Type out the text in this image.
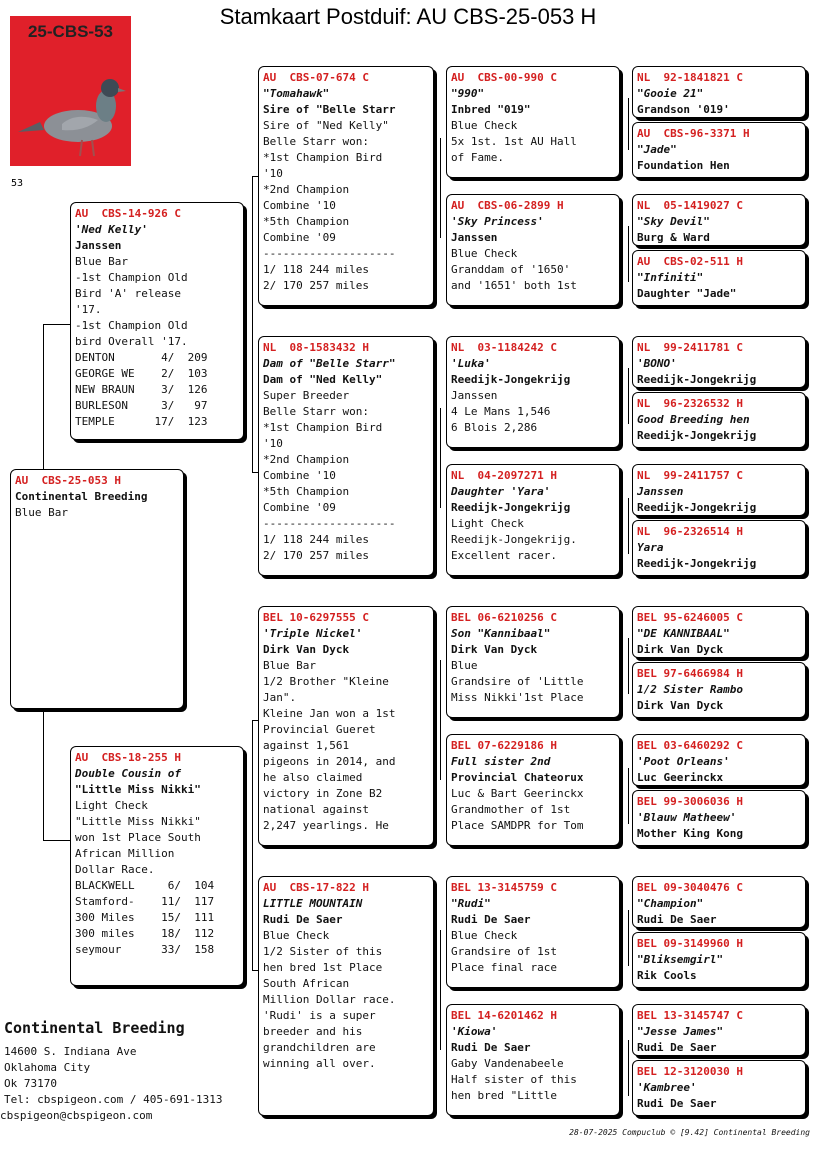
Stamkaart Postduif: AU CBS-25-053 H
25-CBS-53
53
AU  CBS-25-053 H
Continental Breeding
Blue Bar
AU  CBS-14-926 C
'Ned Kelly'
Janssen
Blue Bar
-1st Champion Old
Bird 'A' release
'17.
-1st Champion Old
bird Overall '17.
DENTON       4/  209
GEORGE WE    2/  103
NEW BRAUN    3/  126
BURLESON     3/   97
TEMPLE      17/  123
AU  CBS-18-255 H
Double Cousin of
"Little Miss Nikki"
Light Check
"Little Miss Nikki"
won 1st Place South
African Million
Dollar Race.
BLACKWELL     6/  104
Stamford-    11/  117
300 Miles    15/  111
300 miles    18/  112
seymour      33/  158
AU  CBS-07-674 C
"Tomahawk"
Sire of "Belle Starr
Sire of "Ned Kelly"
Belle Starr won:
*1st Champion Bird
'10
*2nd Champion
Combine '10
*5th Champion
Combine '09
--------------------
1/ 118 244 miles
2/ 170 257 miles
NL  08-1583432 H
Dam of "Belle Starr"
Dam of "Ned Kelly"
Super Breeder
Belle Starr won:
*1st Champion Bird
'10
*2nd Champion
Combine '10
*5th Champion
Combine '09
--------------------
1/ 118 244 miles
2/ 170 257 miles
BEL 10-6297555 C
'Triple Nickel'
Dirk Van Dyck
Blue Bar
1/2 Brother "Kleine
Jan".
Kleine Jan won a 1st
Provincial Gueret
against 1,561
pigeons in 2014, and
he also claimed
victory in Zone B2
national against
2,247 yearlings. He
AU  CBS-17-822 H
LITTLE MOUNTAIN
Rudi De Saer
Blue Check
1/2 Sister of this
hen bred 1st Place
South African
Million Dollar race.
'Rudi' is a super
breeder and his
grandchildren are
winning all over.
AU  CBS-00-990 C
"990"
Inbred "019"
Blue Check
5x 1st. 1st AU Hall
of Fame.
AU  CBS-06-2899 H
'Sky Princess'
Janssen
Blue Check
Granddam of '1650'
and '1651' both 1st
NL  03-1184242 C
'Luka'
Reedijk-Jongekrijg
Janssen
4 Le Mans 1,546
6 Blois 2,286
NL  04-2097271 H
Daughter 'Yara'
Reedijk-Jongekrijg
Light Check
Reedijk-Jongekrijg.
Excellent racer.
BEL 06-6210256 C
Son "Kannibaal"
Dirk Van Dyck
Blue
Grandsire of 'Little
Miss Nikki'1st Place
BEL 07-6229186 H
Full sister 2nd
Provincial Chateorux
Luc & Bart Geerinckx
Grandmother of 1st
Place SAMDPR for Tom
BEL 13-3145759 C
"Rudi"
Rudi De Saer
Blue Check
Grandsire of 1st
Place final race
BEL 14-6201462 H
'Kiowa'
Rudi De Saer
Gaby Vandenabeele
Half sister of this
hen bred "Little
NL  92-1841821 C
"Gooie 21"
Grandson '019'
AU  CBS-96-3371 H
"Jade"
Foundation Hen
NL  05-1419027 C
"Sky Devil"
Burg & Ward
AU  CBS-02-511 H
"Infiniti"
Daughter "Jade"
NL  99-2411781 C
'BONO'
Reedijk-Jongekrijg
NL  96-2326532 H
Good Breeding hen
Reedijk-Jongekrijg
NL  99-2411757 C
Janssen
Reedijk-Jongekrijg
NL  96-2326514 H
Yara
Reedijk-Jongekrijg
BEL 95-6246005 C
"DE KANNIBAAL"
Dirk Van Dyck
BEL 97-6466984 H
1/2 Sister Rambo
Dirk Van Dyck
BEL 03-6460292 C
'Poot Orleans'
Luc Geerinckx
BEL 99-3006036 H
'Blauw Matheew'
Mother King Kong
BEL 09-3040476 C
"Champion"
Rudi De Saer
BEL 09-3149960 H
"Bliksemgirl"
Rik Cools
BEL 13-3145747 C
"Jesse James"
Rudi De Saer
BEL 12-3120030 H
'Kambree'
Rudi De Saer
Continental Breeding
14600 S. Indiana Ave
Oklahoma City
Ok 73170
Tel: cbspigeon.com / 405-691-1313
cbspigeon@cbspigeon.com
28-07-2025 Compuclub © [9.42] Continental Breeding
